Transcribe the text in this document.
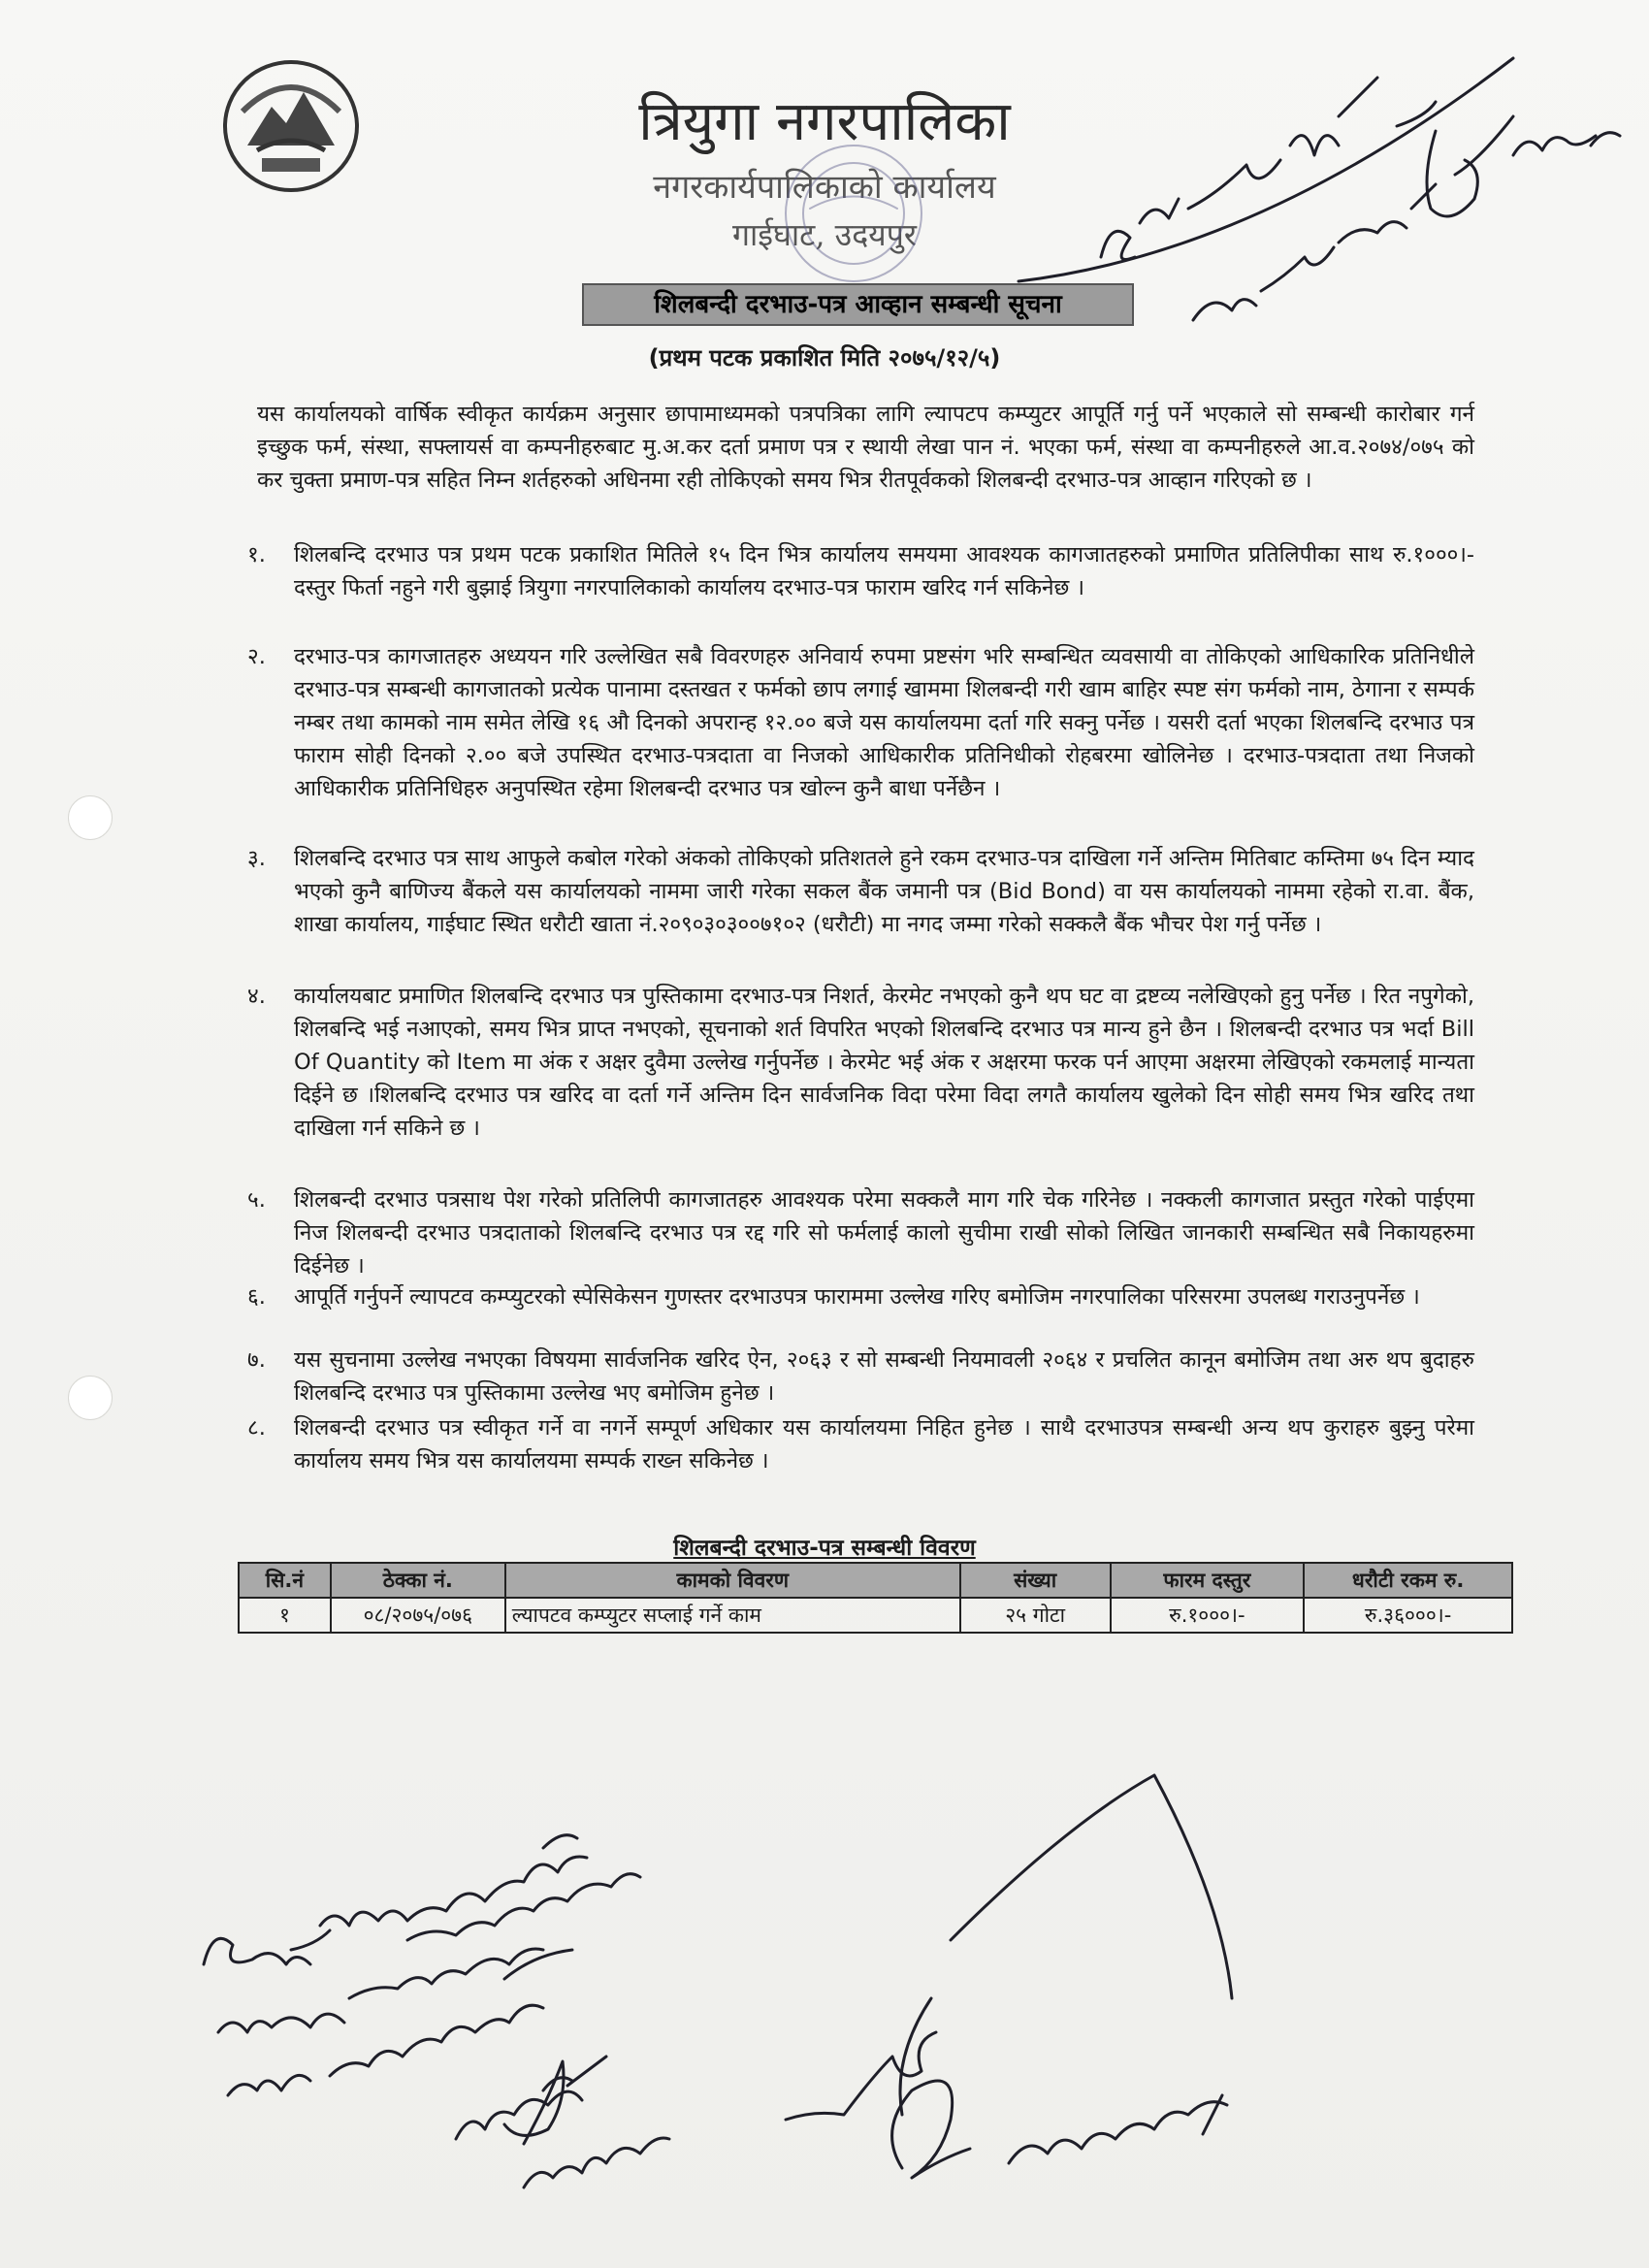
त्रियुगा नगरपालिका
नगरकार्यपालिकाको कार्यालय
गाईघाट, उदयपुर
शिलबन्दी दरभाउ-पत्र आव्हान सम्बन्धी सूचना
(प्रथम पटक प्रकाशित मिति २०७५/१२/५)
यस कार्यालयको वार्षिक स्वीकृत कार्यक्रम अनुसार छापामाध्यमको पत्रपत्रिका लागि ल्यापटप कम्प्युटर आपूर्ति गर्नु पर्ने भएकाले सो सम्बन्धी कारोबार गर्न इच्छुक फर्म, संस्था, सफ्लायर्स वा कम्पनीहरुबाट मु.अ.कर दर्ता प्रमाण पत्र र स्थायी लेखा पान नं. भएका फर्म, संस्था वा कम्पनीहरुले आ.व.२०७४/०७५ को कर चुक्ता प्रमाण-पत्र सहित निम्न शर्तहरुको अधिनमा रही तोकिएको समय भित्र रीतपूर्वकको शिलबन्दी दरभाउ-पत्र आव्हान गरिएको छ ।
१. शिलबन्दि दरभाउ पत्र प्रथम पटक प्रकाशित मितिले १५ दिन भित्र कार्यालय समयमा आवश्यक कागजातहरुको प्रमाणित प्रतिलिपीका साथ रु.१०००।- दस्तुर फिर्ता नहुने गरी बुझाई त्रियुगा नगरपालिकाको कार्यालय दरभाउ-पत्र फाराम खरिद गर्न सकिनेछ ।
२. दरभाउ-पत्र कागजातहरु अध्ययन गरि उल्लेखित सबै विवरणहरु अनिवार्य रुपमा प्रष्टसंग भरि सम्बन्धित व्यवसायी वा तोकिएको आधिकारिक प्रतिनिधीले दरभाउ-पत्र सम्बन्धी कागजातको प्रत्येक पानामा दस्तखत र फर्मको छाप लगाई खाममा शिलबन्दी गरी खाम बाहिर स्पष्ट संग फर्मको नाम, ठेगाना र सम्पर्क नम्बर तथा कामको नाम समेत लेखि १६ औ दिनको अपरान्ह १२.०० बजे यस कार्यालयमा दर्ता गरि सक्नु पर्नेछ । यसरी दर्ता भएका शिलबन्दि दरभाउ पत्र फाराम सोही दिनको २.०० बजे उपस्थित दरभाउ-पत्रदाता वा निजको आधिकारीक प्रतिनिधीको रोहबरमा खोलिनेछ । दरभाउ-पत्रदाता तथा निजको आधिकारीक प्रतिनिधिहरु अनुपस्थित रहेमा शिलबन्दी दरभाउ पत्र खोल्न कुनै बाधा पर्नेछैन ।
३. शिलबन्दि दरभाउ पत्र साथ आफुले कबोल गरेको अंकको तोकिएको प्रतिशतले हुने रकम दरभाउ-पत्र दाखिला गर्ने अन्तिम मितिबाट कम्तिमा ७५ दिन म्याद भएको कुनै बाणिज्य बैंकले यस कार्यालयको नाममा जारी गरेका सकल बैंक जमानी पत्र (Bid Bond) वा यस कार्यालयको नाममा रहेको रा.वा. बैंक, शाखा कार्यालय, गाईघाट स्थित धरौटी खाता नं.२०९०३०३००७१०२ (धरौटी) मा नगद जम्मा गरेको सक्कलै बैंक भौचर पेश गर्नु पर्नेछ ।
४. कार्यालयबाट प्रमाणित शिलबन्दि दरभाउ पत्र पुस्तिकामा दरभाउ-पत्र निशर्त, केरमेट नभएको कुनै थप घट वा द्रष्टव्य नलेखिएको हुनु पर्नेछ । रित नपुगेको, शिलबन्दि भई नआएको, समय भित्र प्राप्त नभएको, सूचनाको शर्त विपरित भएको शिलबन्दि दरभाउ पत्र मान्य हुने छैन । शिलबन्दी दरभाउ पत्र भर्दा Bill Of Quantity को Item मा अंक र अक्षर दुवैमा उल्लेख गर्नुपर्नेछ । केरमेट भई अंक र अक्षरमा फरक पर्न आएमा अक्षरमा लेखिएको रकमलाई मान्यता दिईने छ ।शिलबन्दि दरभाउ पत्र खरिद वा दर्ता गर्ने अन्तिम दिन सार्वजनिक विदा परेमा विदा लगतै कार्यालय खुलेको दिन सोही समय भित्र खरिद तथा दाखिला गर्न सकिने छ ।
५. शिलबन्दी दरभाउ पत्रसाथ पेश गरेको प्रतिलिपी कागजातहरु आवश्यक परेमा सक्कलै माग गरि चेक गरिनेछ । नक्कली कागजात प्रस्तुत गरेको पाईएमा निज शिलबन्दी दरभाउ पत्रदाताको शिलबन्दि दरभाउ पत्र रद्द गरि सो फर्मलाई कालो सुचीमा राखी सोको लिखित जानकारी सम्बन्धित सबै निकायहरुमा दिईनेछ ।
६. आपूर्ति गर्नुपर्ने ल्यापटव कम्प्युटरको स्पेसिकेसन गुणस्तर दरभाउपत्र फाराममा उल्लेख गरिए बमोजिम नगरपालिका परिसरमा उपलब्ध गराउनुपर्नेछ ।
७. यस सुचनामा उल्लेख नभएका विषयमा सार्वजनिक खरिद ऐन, २०६३ र सो सम्बन्धी नियमावली २०६४ र प्रचलित कानून बमोजिम तथा अरु थप बुदाहरु शिलबन्दि दरभाउ पत्र पुस्तिकामा उल्लेख भए बमोजिम हुनेछ ।
८. शिलबन्दी दरभाउ पत्र स्वीकृत गर्ने वा नगर्ने सम्पूर्ण अधिकार यस कार्यालयमा निहित हुनेछ । साथै दरभाउपत्र सम्बन्धी अन्य थप कुराहरु बुझ्नु परेमा कार्यालय समय भित्र यस कार्यालयमा सम्पर्क राख्न सकिनेछ ।
शिलबन्दी दरभाउ-पत्र सम्बन्धी विवरण
सि.नं	ठेक्का नं.	कामको विवरण	संख्या	फारम दस्तुर	धरौटी रकम रु.
१	०८/२०७५/०७६	ल्यापटव कम्प्युटर सप्लाई गर्ने काम	२५ गोटा	रु.१०००।-	रु.३६०००।-
